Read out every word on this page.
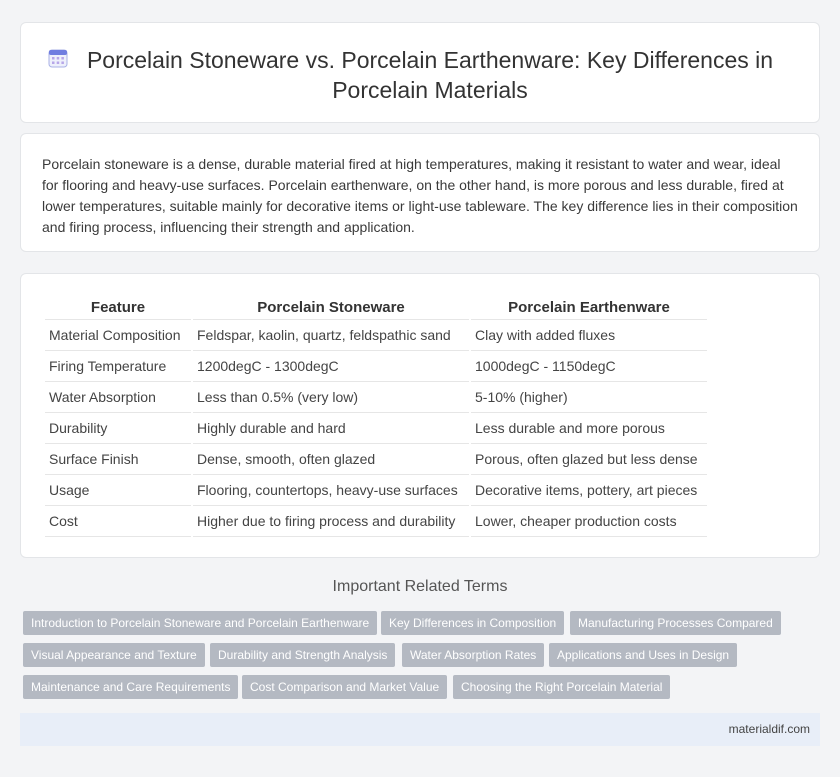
Porcelain Stoneware vs. Porcelain Earthenware: Key Differences in Porcelain Materials

Porcelain stoneware is a dense, durable material fired at high temperatures, making it resistant to water and wear, ideal for flooring and heavy-use surfaces. Porcelain earthenware, on the other hand, is more porous and less durable, fired at lower temperatures, suitable mainly for decorative items or light-use tableware. The key difference lies in their composition and firing process, influencing their strength and application.

Feature	Porcelain Stoneware	Porcelain Earthenware
Material Composition	Feldspar, kaolin, quartz, feldspathic sand	Clay with added fluxes
Firing Temperature	1200degC - 1300degC	1000degC - 1150degC
Water Absorption	Less than 0.5% (very low)	5-10% (higher)
Durability	Highly durable and hard	Less durable and more porous
Surface Finish	Dense, smooth, often glazed	Porous, often glazed but less dense
Usage	Flooring, countertops, heavy-use surfaces	Decorative items, pottery, art pieces
Cost	Higher due to firing process and durability	Lower, cheaper production costs
Important Related Terms
Introduction to Porcelain Stoneware and Porcelain Earthenware	Key Differences in Composition	Manufacturing Processes Compared
Visual Appearance and Texture	Durability and Strength Analysis	Water Absorption Rates	Applications and Uses in Design
Maintenance and Care Requirements	Cost Comparison and Market Value	Choosing the Right Porcelain Material
materialdif.com
